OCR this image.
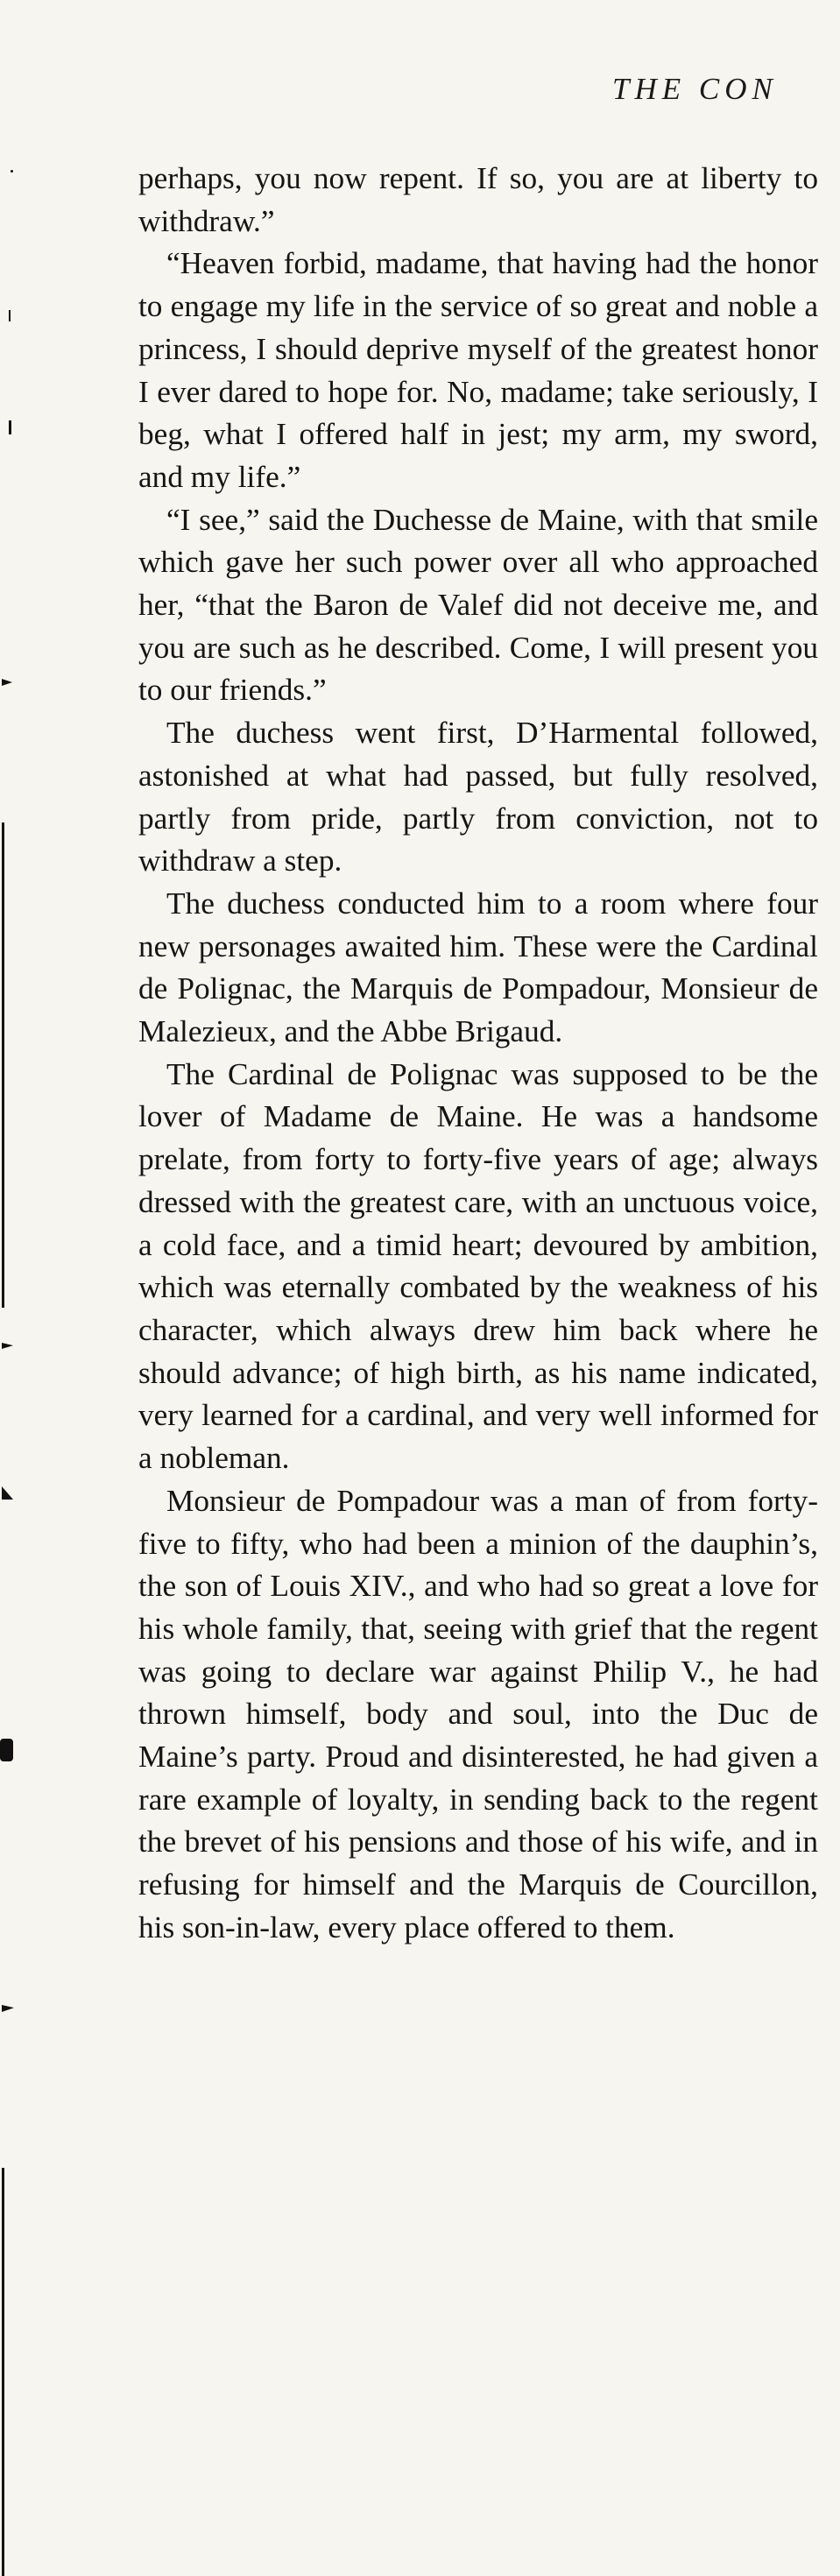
THE CON

perhaps, you now repent. If so, you are at liberty to withdraw.”

“Heaven forbid, madame, that having had the honor to engage my life in the service of so great and noble a princess, I should deprive myself of the greatest honor I ever dared to hope for. No, madame; take seriously, I beg, what I offered half in jest; my arm, my sword, and my life.”

“I see,” said the Duchesse de Maine, with that smile which gave her such power over all who approached her, “that the Baron de Valef did not deceive me, and you are such as he described. Come, I will present you to our friends.”

The duchess went first, D’Harmental followed, astonished at what had passed, but fully resolved, partly from pride, partly from conviction, not to withdraw a step.

The duchess conducted him to a room where four new personages awaited him. These were the Cardinal de Polignac, the Marquis de Pompadour, Monsieur de Malezieux, and the Abbe Brigaud.

The Cardinal de Polignac was supposed to be the lover of Madame de Maine. He was a handsome prelate, from forty to forty-five years of age; always dressed with the greatest care, with an unctuous voice, a cold face, and a timid heart; devoured by ambition, which was eternally combated by the weakness of his character, which always drew him back where he should advance; of high birth, as his name indicated, very learned for a cardinal, and very well informed for a nobleman.

Monsieur de Pompadour was a man of from forty-five to fifty, who had been a minion of the dauphin’s, the son of Louis XIV., and who had so great a love for his whole family, that, seeing with grief that the regent was going to declare war against Philip V., he had thrown himself, body and soul, into the Duc de Maine’s party. Proud and disinterested, he had given a rare example of loyalty, in sending back to the regent the brevet of his pensions and those of his wife, and in refusing for himself and the Marquis de Courcillon, his son-in-law, every place offered to them.
